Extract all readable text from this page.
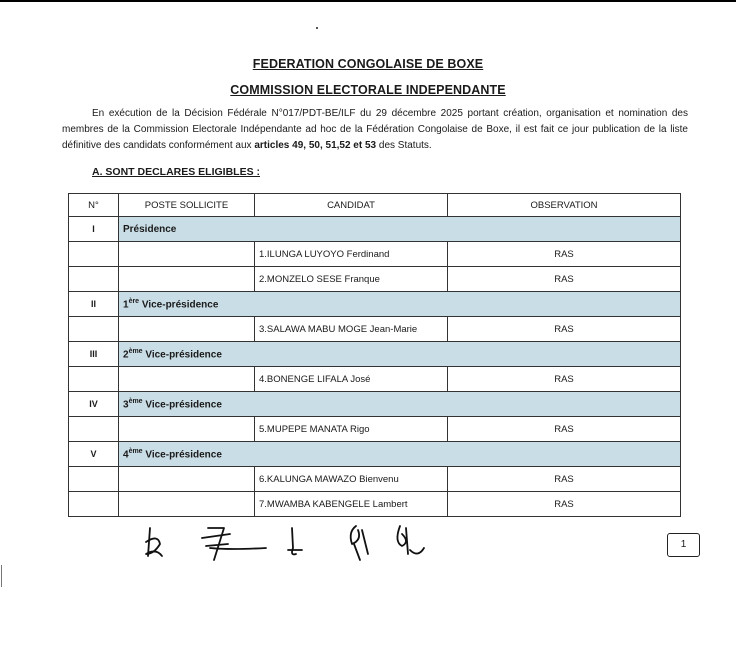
FEDERATION CONGOLAISE DE BOXE
COMMISSION ELECTORALE INDEPENDANTE

En exécution de la Décision Fédérale N°017/PDT-BE/ILF du 29 décembre 2025 portant création, organisation et nomination des membres de la Commission Electorale Indépendante ad hoc de la Fédération Congolaise de Boxe, il est fait ce jour publication de la liste définitive des candidats conformément aux articles 49, 50, 51,52 et 53 des Statuts.

A. SONT DECLARES ELIGIBLES :
N°	POSTE SOLLICITE	CANDIDAT	OBSERVATION
I	Présidence		
		1.ILUNGA LUYOYO Ferdinand	RAS
		2.MONZELO SESE Franque	RAS
II	1ère Vice-présidence		
		3.SALAWA MABU MOGE Jean-Marie	RAS
III	2ème Vice-présidence		
		4.BONENGE LIFALA José	RAS
IV	3ème Vice-présidence		
		5.MUPEPE MANATA Rigo	RAS
V	4ème Vice-présidence		
		6.KALUNGA MAWAZO Bienvenu	RAS
		7.MWAMBA KABENGELE Lambert	RAS
1
